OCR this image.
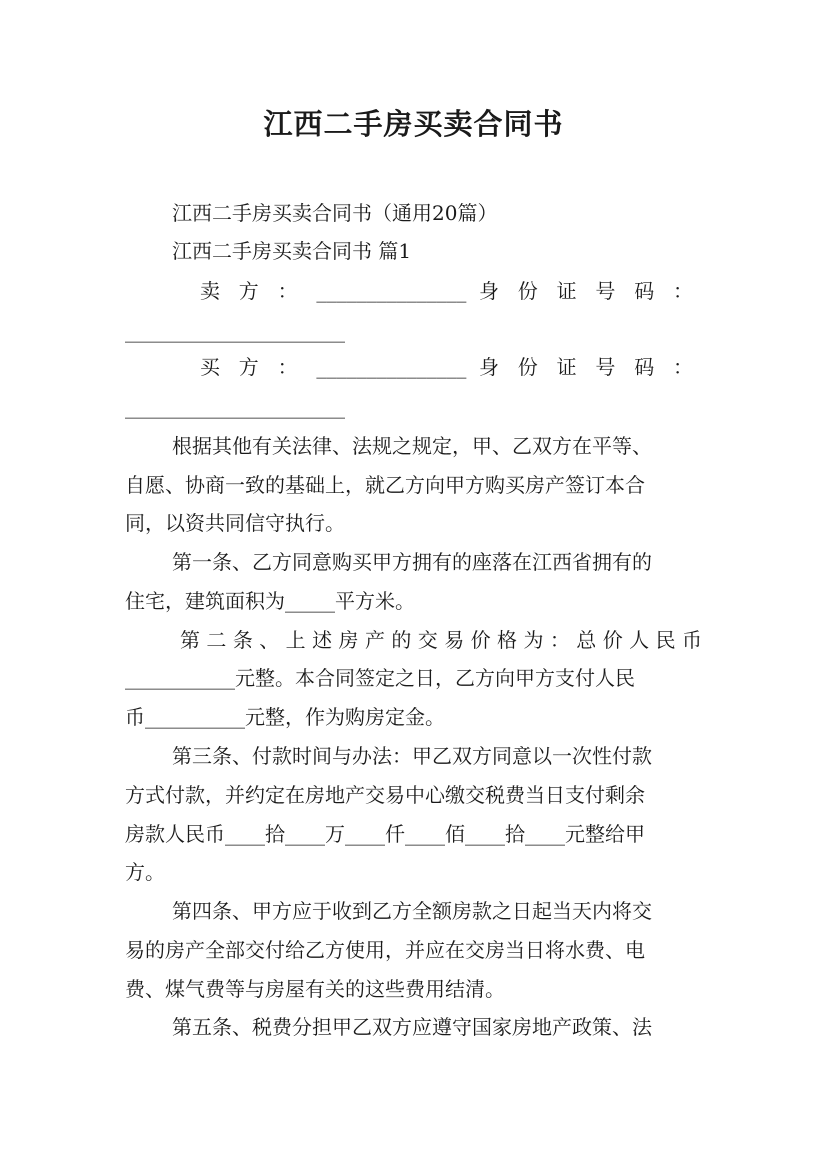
江西二手房买卖合同书
江西二手房买卖合同书（通用20篇）
江西二手房买卖合同书 篇1
卖 方 ： _______________ 身 份 证 号 码 ：
______________________
买 方 ： _______________ 身 份 证 号 码 ：
______________________
根据其他有关法律、法规之规定，甲、乙双方在平等、
自愿、协商一致的基础上，就乙方向甲方购买房产签订本合
同，以资共同信守执行。
第一条、乙方同意购买甲方拥有的座落在江西省拥有的
住宅，建筑面积为_____平方米。
第 二 条 、 上 述 房 产 的 交 易 价 格 为 ： 总 价 人 民 币
___________元整。本合同签定之日，乙方向甲方支付人民
币__________元整，作为购房定金。
第三条、付款时间与办法：甲乙双方同意以一次性付款
方式付款，并约定在房地产交易中心缴交税费当日支付剩余
房款人民币____拾____万____仟____佰____拾____元整给甲
方。
第四条、甲方应于收到乙方全额房款之日起当天内将交
易的房产全部交付给乙方使用，并应在交房当日将水费、电
费、煤气费等与房屋有关的这些费用结清。
第五条、税费分担甲乙双方应遵守国家房地产政策、法
